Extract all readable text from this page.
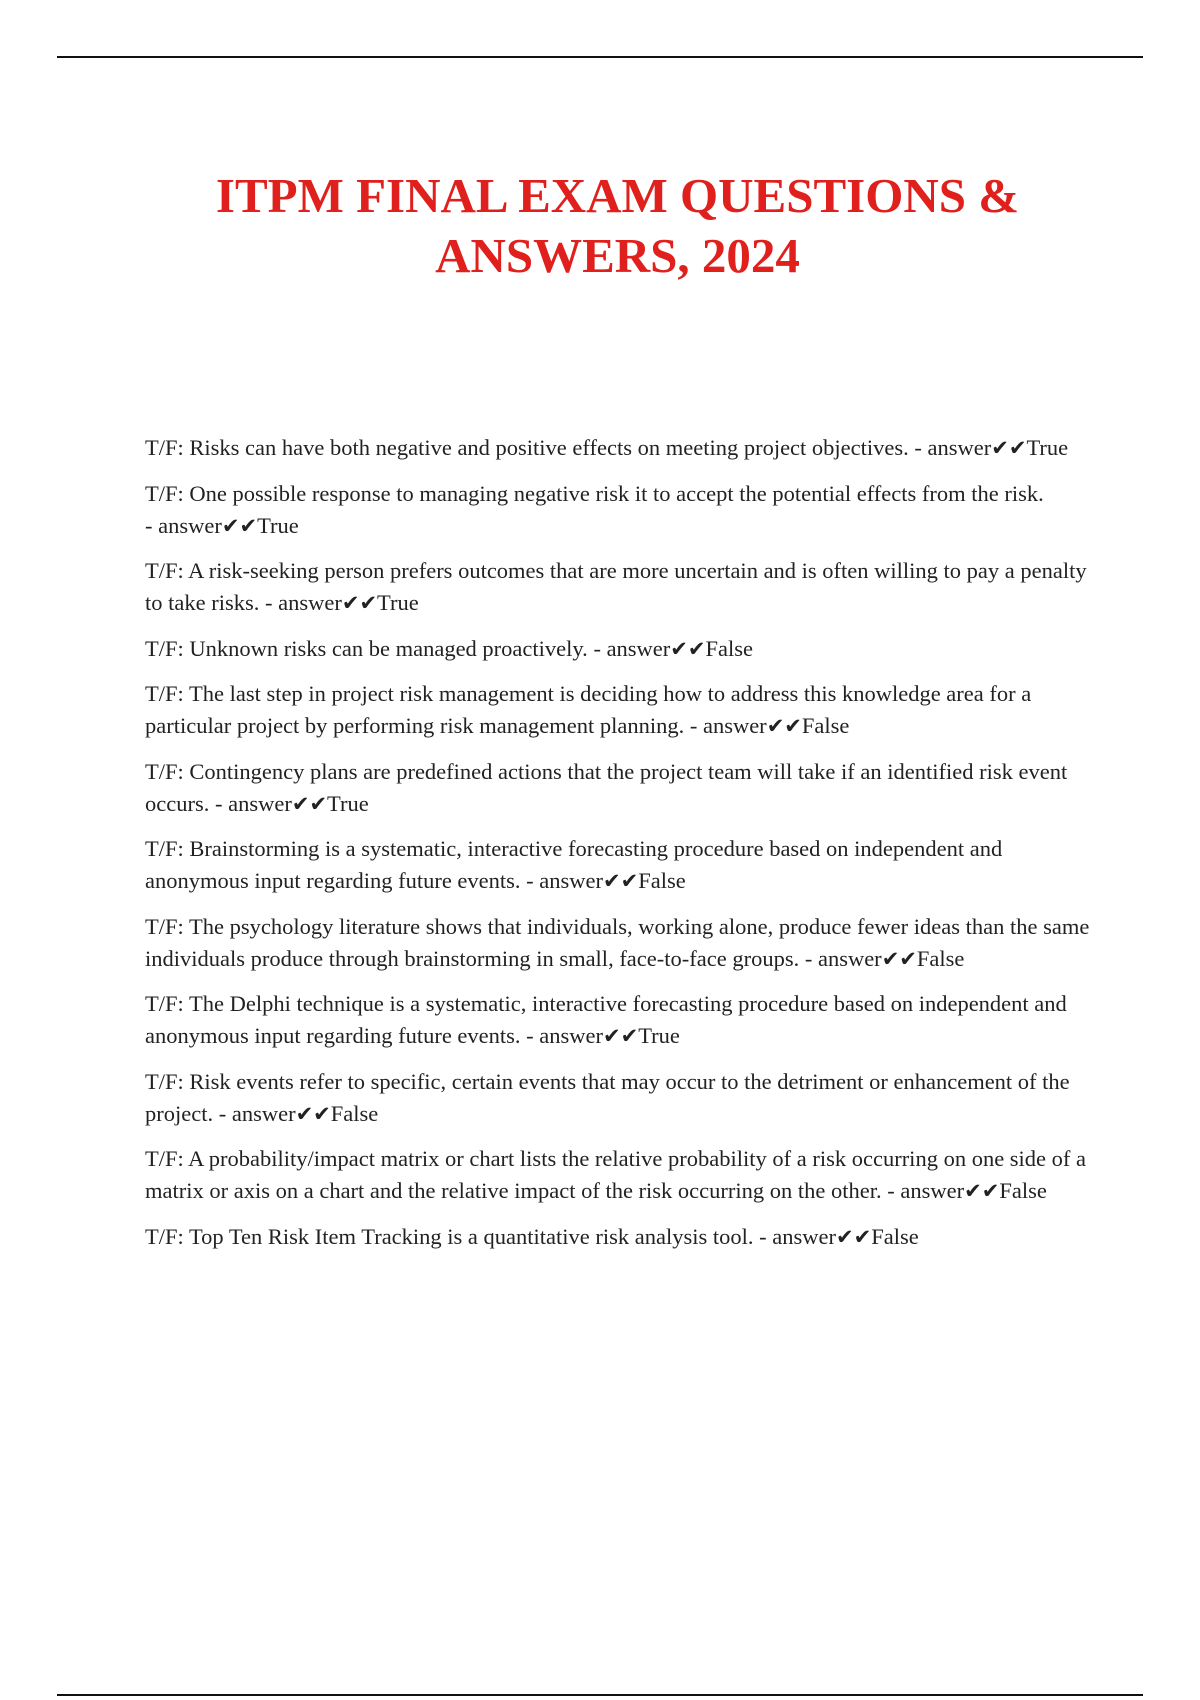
ITPM FINAL EXAM QUESTIONS & ANSWERS, 2024
T/F: Risks can have both negative and positive effects on meeting project objectives. - answer✔✔True
T/F: One possible response to managing negative risk it to accept the potential effects from the risk. - answer✔✔True
T/F: A risk-seeking person prefers outcomes that are more uncertain and is often willing to pay a penalty to take risks. - answer✔✔True
T/F: Unknown risks can be managed proactively. - answer✔✔False
T/F: The last step in project risk management is deciding how to address this knowledge area for a particular project by performing risk management planning. - answer✔✔False
T/F: Contingency plans are predefined actions that the project team will take if an identified risk event occurs. - answer✔✔True
T/F: Brainstorming is a systematic, interactive forecasting procedure based on independent and anonymous input regarding future events. - answer✔✔False
T/F: The psychology literature shows that individuals, working alone, produce fewer ideas than the same individuals produce through brainstorming in small, face-to-face groups. - answer✔✔False
T/F: The Delphi technique is a systematic, interactive forecasting procedure based on independent and anonymous input regarding future events. - answer✔✔True
T/F: Risk events refer to specific, certain events that may occur to the detriment or enhancement of the project. - answer✔✔False
T/F: A probability/impact matrix or chart lists the relative probability of a risk occurring on one side of a matrix or axis on a chart and the relative impact of the risk occurring on the other. - answer✔✔False
T/F: Top Ten Risk Item Tracking is a quantitative risk analysis tool. - answer✔✔False
